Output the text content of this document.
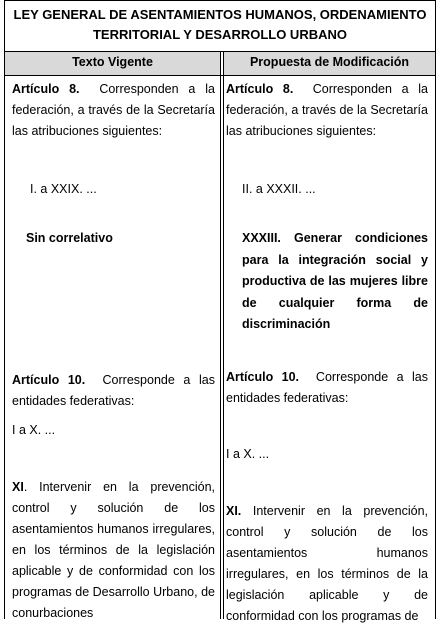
LEY GENERAL DE ASENTAMIENTOS HUMANOS, ORDENAMIENTO
TERRITORIAL Y DESARROLLO URBANO
Texto Vigente	Propuesta de Modificación
Artículo 8. Corresponden a la federación, a través de la Secretaría
las atribuciones siguientes:
I. a XXIX. ...
Sin correlativo
Artículo 10. Corresponde a las entidades federativas:
I a X. ...
XI. Intervenir en la prevención, control y solución de los asentamientos humanos irregulares, en los términos de la legislación aplicable y de conformidad con los programas de Desarrollo Urbano, de conurbaciones
Artículo 8. Corresponden a la federación, a través de la Secretaría
las atribuciones siguientes:
II. a XXXII. ...
XXXIII. Generar condiciones para la integración social y productiva de las mujeres libre de cualquier forma de discriminación
Artículo 10. Corresponde a las entidades federativas:
I a X. ...
XI. Intervenir en la prevención, control y solución de los asentamientos humanos irregulares, en los términos de la legislación aplicable y de conformidad con los programas de
